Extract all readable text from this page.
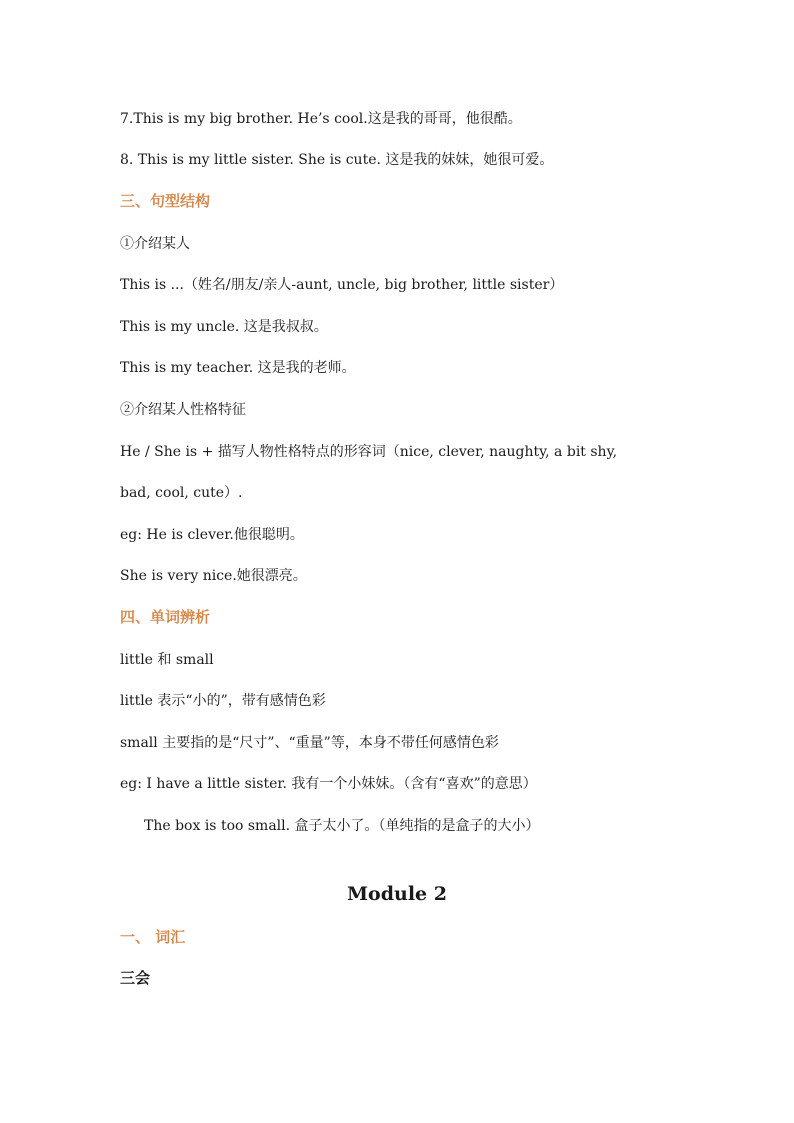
7.This is my big brother. He’s cool.这是我的哥哥，他很酷。
8. This is my little sister. She is cute. 这是我的妹妹，她很可爱。
三、句型结构
①介绍某人
This is ...（姓名/朋友/亲人-aunt, uncle, big brother, little sister）
This is my uncle. 这是我叔叔。
This is my teacher. 这是我的老师。
②介绍某人性格特征
He / She is + 描写人物性格特点的形容词（nice, clever, naughty, a bit shy,
bad, cool, cute）.
eg: He is clever.他很聪明。
She is very nice.她很漂亮。
四、单词辨析
little 和 small
little 表示“小的”，带有感情色彩
small 主要指的是“尺寸”、“重量”等，本身不带任何感情色彩
eg: I have a little sister. 我有一个小妹妹。（含有“喜欢”的意思）
The box is too small. 盒子太小了。（单纯指的是盒子的大小）
Module 2
一、 词汇
三会
